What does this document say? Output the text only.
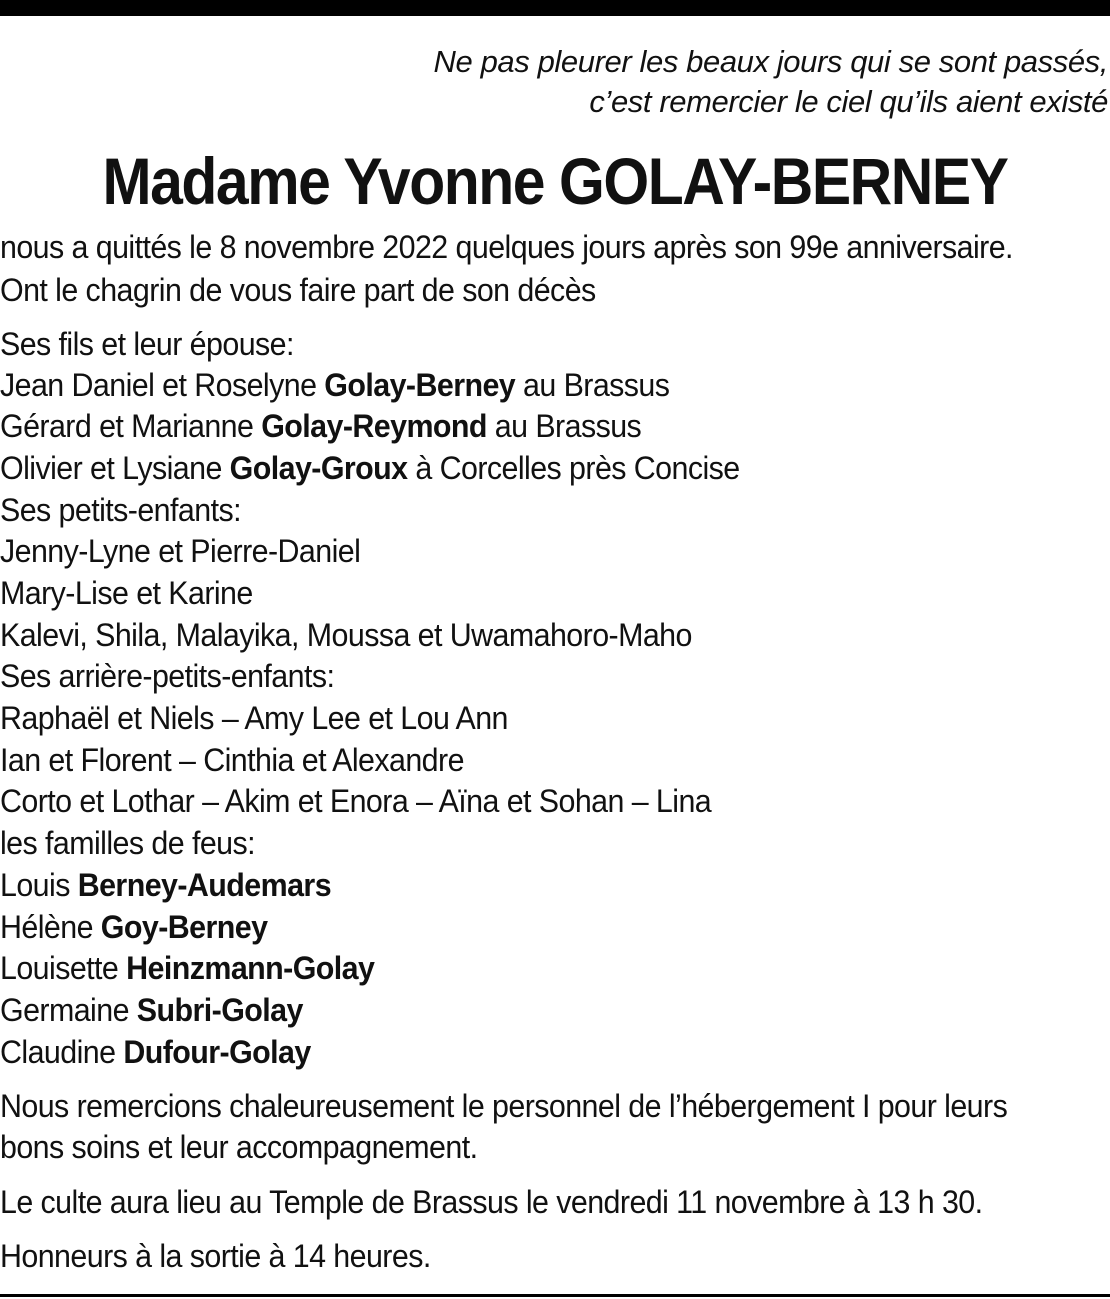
Ne pas pleurer les beaux jours qui se sont passés,
c’est remercier le ciel qu’ils aient existé
Madame Yvonne GOLAY-BERNEY
nous a quittés le 8 novembre 2022 quelques jours après son 99e anniversaire.
Ont le chagrin de vous faire part de son décès
Ses fils et leur épouse:
Jean Daniel et Roselyne Golay-Berney au Brassus
Gérard et Marianne Golay-Reymond au Brassus
Olivier et Lysiane Golay-Groux à Corcelles près Concise
Ses petits-enfants:
Jenny-Lyne et Pierre-Daniel
Mary-Lise et Karine
Kalevi, Shila, Malayika, Moussa et Uwamahoro-Maho
Ses arrière-petits-enfants:
Raphaël et Niels – Amy Lee et Lou Ann
Ian et Florent – Cinthia et Alexandre
Corto et Lothar – Akim et Enora – Aïna et Sohan – Lina
les familles de feus:
Louis Berney-Audemars
Hélène Goy-Berney
Louisette Heinzmann-Golay
Germaine Subri-Golay
Claudine Dufour-Golay
Nous remercions chaleureusement le personnel de l’hébergement I pour leurs
bons soins et leur accompagnement.
Le culte aura lieu au Temple de Brassus le vendredi 11 novembre à 13 h 30.
Honneurs à la sortie à 14 heures.
